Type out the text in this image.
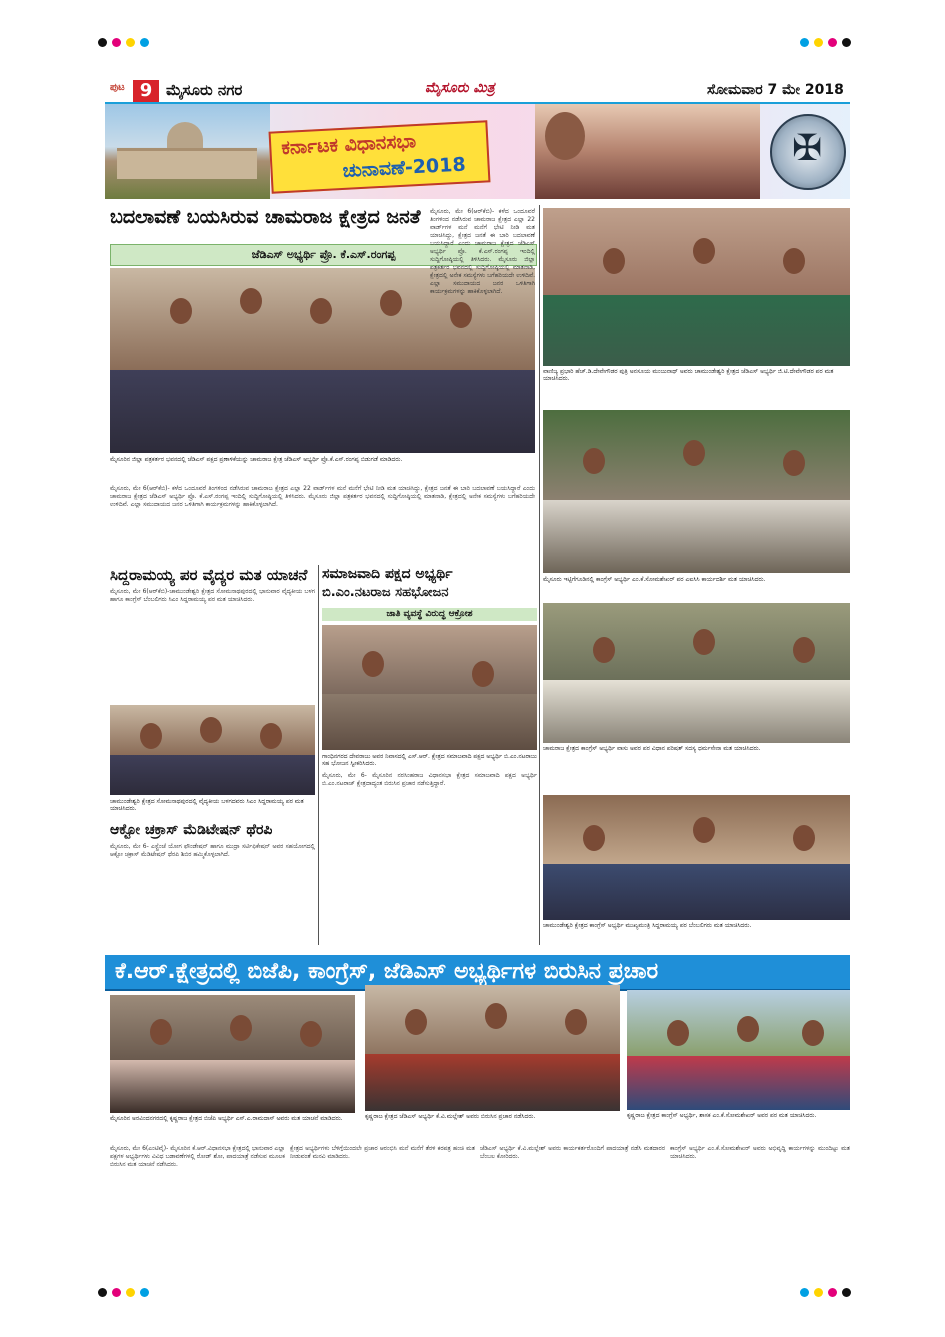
ಪುಟ 9 ಮೈಸೂರು ನಗರ	ಮೈಸೂರು ಮಿತ್ರ	ಸೋಮವಾರ 7 ಮೇ 2018
ಕರ್ನಾಟಕ ವಿಧಾನಸಭಾ
ಚುನಾವಣೆ-2018	✠
ಬದಲಾವಣೆ ಬಯಸಿರುವ ಚಾಮರಾಜ ಕ್ಷೇತ್ರದ ಜನತೆ
ಜೆಡಿಎಸ್ ಅಭ್ಯರ್ಥಿ ಪ್ರೊ. ಕೆ.ಎಸ್.ರಂಗಪ್ಪ
ಮೈಸೂರಿನ ಜಿಲ್ಲಾ ಪತ್ರಕರ್ತರ ಭವನದಲ್ಲಿ ಜೆಡಿಎಸ್ ಪಕ್ಷದ ಪ್ರಣಾಳಿಕೆಯನ್ನು ಚಾಮರಾಜ ಕ್ಷೇತ್ರ ಜೆಡಿಎಸ್ ಅಭ್ಯರ್ಥಿ ಪ್ರೊ.ಕೆ.ಎಸ್.ರಂಗಪ್ಪ ಬಿಡುಗಡೆ ಮಾಡಿದರು.
ಮೈಸೂರು, ಮೇ 6(ಆರ್‌ಕೆಬಿ)- ಕಳೆದ ಒಂದೂವರೆ ತಿಂಗಳಿಂದ ನಡೆಸಿರುವ ಚಾಮರಾಜ ಕ್ಷೇತ್ರದ ಎಲ್ಲಾ 22 ವಾರ್ಡ್‌ಗಳ ಮನೆ ಮನೆಗೆ ಭೇಟಿ ನೀಡಿ ಮತ ಯಾಚಿಸಿದ್ದು, ಕ್ಷೇತ್ರದ ಜನತೆ ಈ ಬಾರಿ ಬದಲಾವಣೆ ಬಯಸಿದ್ದಾರೆ ಎಂದು ಚಾಮರಾಜ ಕ್ಷೇತ್ರದ ಜೆಡಿಎಸ್ ಅಭ್ಯರ್ಥಿ ಪ್ರೊ. ಕೆ.ಎಸ್.ರಂಗಪ್ಪ ಇಂದಿಲ್ಲಿ ಸುದ್ದಿಗೋಷ್ಠಿಯಲ್ಲಿ ತಿಳಿಸಿದರು. ಮೈಸೂರು ಜಿಲ್ಲಾ ಪತ್ರಕರ್ತರ ಭವನದಲ್ಲಿ ಸುದ್ದಿಗೋಷ್ಠಿಯಲ್ಲಿ ಮಾತನಾಡಿ, ಕ್ಷೇತ್ರದಲ್ಲಿ ಅನೇಕ ಸಮಸ್ಯೆಗಳು ಬಗೆಹರಿಯದೇ ಉಳಿದಿವೆ. ಎಲ್ಲಾ ಸಮುದಾಯದ ಜನರ ಒಳಿತಿಗಾಗಿ ಕಾರ್ಯಕ್ರಮಗಳನ್ನು ಹಾಕಿಕೊಳ್ಳಲಾಗಿದೆ.
ಮೈಸೂರು, ಮೇ 6(ಆರ್‌ಕೆಬಿ)- ಕಳೆದ ಒಂದೂವರೆ ತಿಂಗಳಿಂದ ನಡೆಸಿರುವ ಚಾಮರಾಜ ಕ್ಷೇತ್ರದ ಎಲ್ಲಾ 22 ವಾರ್ಡ್‌ಗಳ ಮನೆ ಮನೆಗೆ ಭೇಟಿ ನೀಡಿ ಮತ ಯಾಚಿಸಿದ್ದು, ಕ್ಷೇತ್ರದ ಜನತೆ ಈ ಬಾರಿ ಬದಲಾವಣೆ ಬಯಸಿದ್ದಾರೆ ಎಂದು ಚಾಮರಾಜ ಕ್ಷೇತ್ರದ ಜೆಡಿಎಸ್ ಅಭ್ಯರ್ಥಿ ಪ್ರೊ. ಕೆ.ಎಸ್.ರಂಗಪ್ಪ ಇಂದಿಲ್ಲಿ ಸುದ್ದಿಗೋಷ್ಠಿಯಲ್ಲಿ ತಿಳಿಸಿದರು. ಮೈಸೂರು ಜಿಲ್ಲಾ ಪತ್ರಕರ್ತರ ಭವನದಲ್ಲಿ ಸುದ್ದಿಗೋಷ್ಠಿಯಲ್ಲಿ ಮಾತನಾಡಿ, ಕ್ಷೇತ್ರದಲ್ಲಿ ಅನೇಕ ಸಮಸ್ಯೆಗಳು ಬಗೆಹರಿಯದೇ ಉಳಿದಿವೆ. ಎಲ್ಲಾ ಸಮುದಾಯದ ಜನರ ಒಳಿತಿಗಾಗಿ ಕಾರ್ಯಕ್ರಮಗಳನ್ನು ಹಾಕಿಕೊಳ್ಳಲಾಗಿದೆ.
ಸಿದ್ದರಾಮಯ್ಯ ಪರ ವೈದ್ಯರ ಮತ ಯಾಚನೆ
ಮೈಸೂರು, ಮೇ 6(ಆರ್‌ಕೆಬಿ)-ಚಾಮುಂಡೇಶ್ವರಿ ಕ್ಷೇತ್ರದ ಸೋಮನಾಥಪುರದಲ್ಲಿ ಭಾನುವಾರ ವೈದ್ಯಕೀಯ ಬಳಗ ಹಾಗೂ ಕಾಂಗ್ರೆಸ್ ಬೆಂಬಲಿಗರು ಸಿಎಂ ಸಿದ್ದರಾಮಯ್ಯ ಪರ ಮತ ಯಾಚಿಸಿದರು.
ಚಾಮುಂಡೇಶ್ವರಿ ಕ್ಷೇತ್ರದ ಸೋಮನಾಥಪುರದಲ್ಲಿ ವೈದ್ಯಕೀಯ ಬಳಗದವರು ಸಿಎಂ ಸಿದ್ದರಾಮಯ್ಯ ಪರ ಮತ ಯಾಚಿಸಿದರು.
ಸಮಾಜವಾದಿ ಪಕ್ಷದ ಅಭ್ಯರ್ಥಿ
ಬಿ.ಎಂ.ನಟರಾಜ ಸಹಭೋಜನ
ಜಾತಿ ವ್ಯವಸ್ಥೆ ವಿರುದ್ಧ ಆಕ್ರೋಶ
ಗಾಂಧಿನಗರದ ದೇವರಾಜು ಅವರ ನಿವಾಸದಲ್ಲಿ ಎಸ್.ಆರ್. ಕ್ಷೇತ್ರದ ಸಮಾಜವಾದಿ ಪಕ್ಷದ ಅಭ್ಯರ್ಥಿ ಬಿ.ಎಂ.ನಟರಾಜು ಸಹ ಭೋಜನ ಸ್ವೀಕರಿಸಿದರು.
ಮೈಸೂರು, ಮೇ 6- ಮೈಸೂರಿನ ನರಸಿಂಹರಾಜ ವಿಧಾನಸಭಾ ಕ್ಷೇತ್ರದ ಸಮಾಜವಾದಿ ಪಕ್ಷದ ಅಭ್ಯರ್ಥಿ ಬಿ.ಎಂ.ನಟರಾಜ್ ಕ್ಷೇತ್ರದಾದ್ಯಂತ ಬಿರುಸಿನ ಪ್ರಚಾರ ನಡೆಸುತ್ತಿದ್ದಾರೆ.
ಆಕ್ಟೋ ಚಕ್ರಾಸ್ ಮೆಡಿಟೇಷನ್ ಥೆರಪಿ
ಮೈಸೂರು, ಮೇ 6- ಎಸ್ಟ್ರೆಂಜೆ ಯೋಗ ಫೌಂಡೇಷನ್ ಹಾಗೂ ಮುದ್ರಾ ಸರ್ಟಿಫಿಕೇಷನ್ ಅವರ ಸಹಯೋಗದಲ್ಲಿ ಆಕ್ಟೋ ಚಕ್ರಾಸ್ ಮೆಡಿಟೇಷನ್ ಥೆರಪಿ ಶಿಬಿರ ಹಮ್ಮಿಕೊಳ್ಳಲಾಗಿದೆ.
ವಾಣಿಜ್ಯ ಪ್ರಭಾರಿ ಹೆಚ್.ಡಿ.ದೇವೇಗೌಡರ ಪುತ್ರಿ ಅನಸೂಯ ಮಂಜುನಾಥ್ ಅವರು ಚಾಮುಂಡೇಶ್ವರಿ ಕ್ಷೇತ್ರದ ಜೆಡಿಎಸ್ ಅಭ್ಯರ್ಥಿ ಜಿ.ಟಿ.ದೇವೇಗೌಡರ ಪರ ಮತ ಯಾಚಿಸಿದರು.
ಮೈಸೂರು ಇಟ್ಟಿಗೆಗೂಡಿನಲ್ಲಿ ಕಾಂಗ್ರೆಸ್ ಅಭ್ಯರ್ಥಿ ಎಂ.ಕೆ.ಸೋಮಶೇಖರ್ ಪರ ಎಐಸಿಸಿ ಕಾರ್ಯದರ್ಶಿ ಮತ ಯಾಚಿಸಿದರು.
ಚಾಮರಾಜ ಕ್ಷೇತ್ರದ ಕಾಂಗ್ರೆಸ್ ಅಭ್ಯರ್ಥಿ ವಾಸು ಅವರ ಪರ ವಿಧಾನ ಪರಿಷತ್ ಸದಸ್ಯ ಧರ್ಮಸೇನಾ ಮತ ಯಾಚಿಸಿದರು.
ಚಾಮುಂಡೇಶ್ವರಿ ಕ್ಷೇತ್ರದ ಕಾಂಗ್ರೆಸ್ ಅಭ್ಯರ್ಥಿ ಮುಖ್ಯಮಂತ್ರಿ ಸಿದ್ದರಾಮಯ್ಯ ಪರ ಬೆಂಬಲಿಗರು ಮತ ಯಾಚಿಸಿದರು.
ಕೆ.ಆರ್.ಕ್ಷೇತ್ರದಲ್ಲಿ ಬಿಜೆಪಿ, ಕಾಂಗ್ರೆಸ್, ಜೆಡಿಎಸ್ ಅಭ್ಯರ್ಥಿಗಳ ಬಿರುಸಿನ ಪ್ರಚಾರ
ಮೈಸೂರಿನ ಅರವಿಂದನಗರದಲ್ಲಿ ಕೃಷ್ಣರಾಜ ಕ್ಷೇತ್ರದ ಬಿಜೆಪಿ ಅಭ್ಯರ್ಥಿ ಎಸ್.ಎ.ರಾಮದಾಸ್ ಅವರು ಮತ ಯಾಚನೆ ಮಾಡಿದರು.	ಕೃಷ್ಣರಾಜ ಕ್ಷೇತ್ರದ ಜೆಡಿಎಸ್ ಅಭ್ಯರ್ಥಿ ಕೆ.ವಿ.ಮಲ್ಲೇಶ್ ಅವರು ಬಿರುಸಿನ ಪ್ರಚಾರ ನಡೆಸಿದರು.	ಕೃಷ್ಣರಾಜ ಕ್ಷೇತ್ರದ ಕಾಂಗ್ರೆಸ್ ಅಭ್ಯರ್ಥಿ, ಶಾಸಕ ಎಂ.ಕೆ.ಸೋಮಶೇಖರ್ ಅವರ ಪರ ಮತ ಯಾಚಿಸಿದರು.
ಮೈಸೂರು, ಮೇ 6(ಎಂಟಿವೈ)- ಮೈಸೂರಿನ ಕೆ.ಆರ್.ವಿಧಾನಸಭಾ ಕ್ಷೇತ್ರದಲ್ಲಿ ಭಾನುವಾರ ಎಲ್ಲಾ ಪಕ್ಷಗಳ ಅಭ್ಯರ್ಥಿಗಳು ವಿವಿಧ ಬಡಾವಣೆಗಳಲ್ಲಿ ರೋಡ್ ಶೋ, ಪಾದಯಾತ್ರೆ ನಡೆಸುವ ಮೂಲಕ ಬಿರುಸಿನ ಮತ ಯಾಚನೆ ನಡೆಸಿದರು.
ಕ್ಷೇತ್ರದ ಅಭ್ಯರ್ಥಿಗಳು ಬೆಳಿಗ್ಗೆಯಿಂದಲೇ ಪ್ರಚಾರ ಆರಂಭಿಸಿ ಮನೆ ಮನೆಗೆ ತೆರಳಿ ಕರಪತ್ರ ಹಂಚಿ ಮತ ನೀಡುವಂತೆ ಮನವಿ ಮಾಡಿದರು.
ಜೆಡಿಎಸ್ ಅಭ್ಯರ್ಥಿ ಕೆ.ವಿ.ಮಲ್ಲೇಶ್ ಅವರು ಕಾರ್ಯಕರ್ತರೊಂದಿಗೆ ಪಾದಯಾತ್ರೆ ನಡೆಸಿ ಮತದಾರರ ಬೆಂಬಲ ಕೋರಿದರು.
ಕಾಂಗ್ರೆಸ್ ಅಭ್ಯರ್ಥಿ ಎಂ.ಕೆ.ಸೋಮಶೇಖರ್ ಅವರು ಅಭಿವೃದ್ಧಿ ಕಾರ್ಯಗಳನ್ನು ಮುಂದಿಟ್ಟು ಮತ ಯಾಚಿಸಿದರು.
